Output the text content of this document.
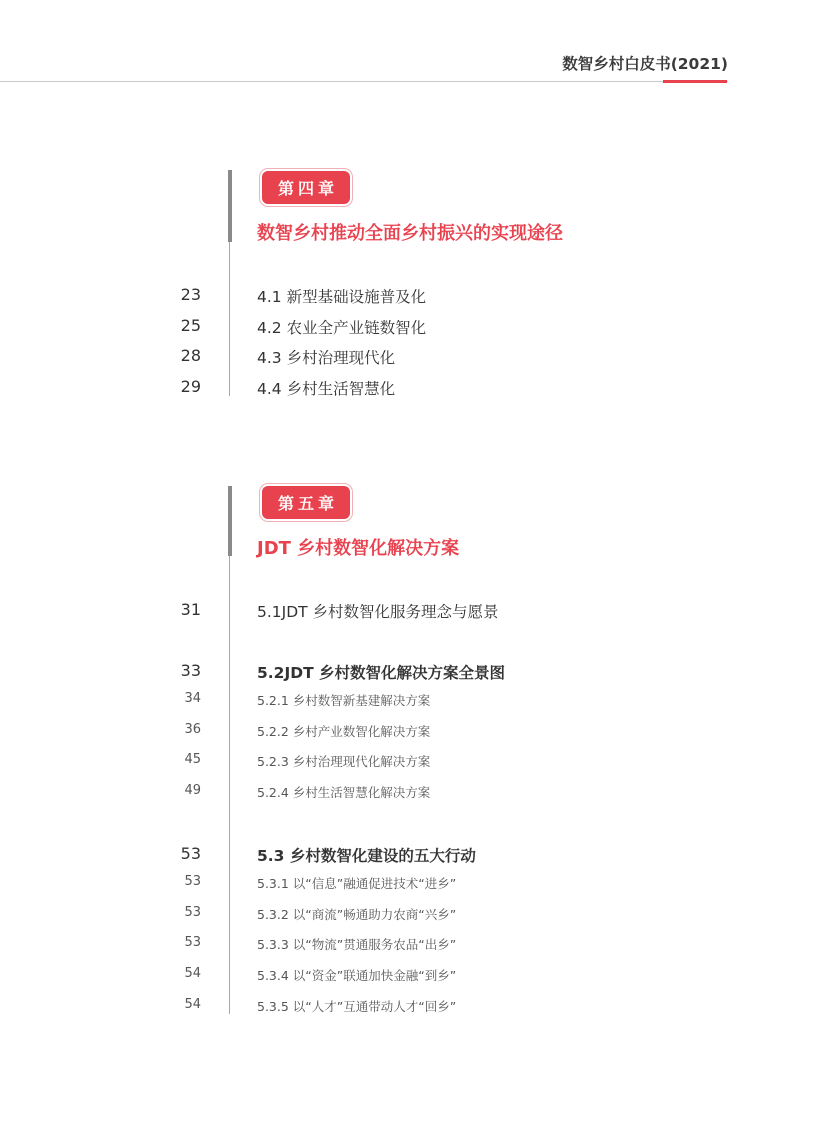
数智乡村白皮书(2021)
第四章
数智乡村推动全面乡村振兴的实现途径
23	4.1 新型基础设施普及化
25	4.2 农业全产业链数智化
28	4.3 乡村治理现代化
29	4.4 乡村生活智慧化
第五章
JDT 乡村数智化解决方案
31	5.1JDT 乡村数智化服务理念与愿景
33	5.2JDT 乡村数智化解决方案全景图
34	5.2.1 乡村数智新基建解决方案
36	5.2.2 乡村产业数智化解决方案
45	5.2.3 乡村治理现代化解决方案
49	5.2.4 乡村生活智慧化解决方案
53	5.3 乡村数智化建设的五大行动
53	5.3.1 以“信息”融通促进技术“进乡”
53	5.3.2 以“商流”畅通助力农商“兴乡”
53	5.3.3 以“物流”贯通服务农品“出乡”
54	5.3.4 以“资金”联通加快金融“到乡”
54	5.3.5 以“人才”互通带动人才“回乡”
